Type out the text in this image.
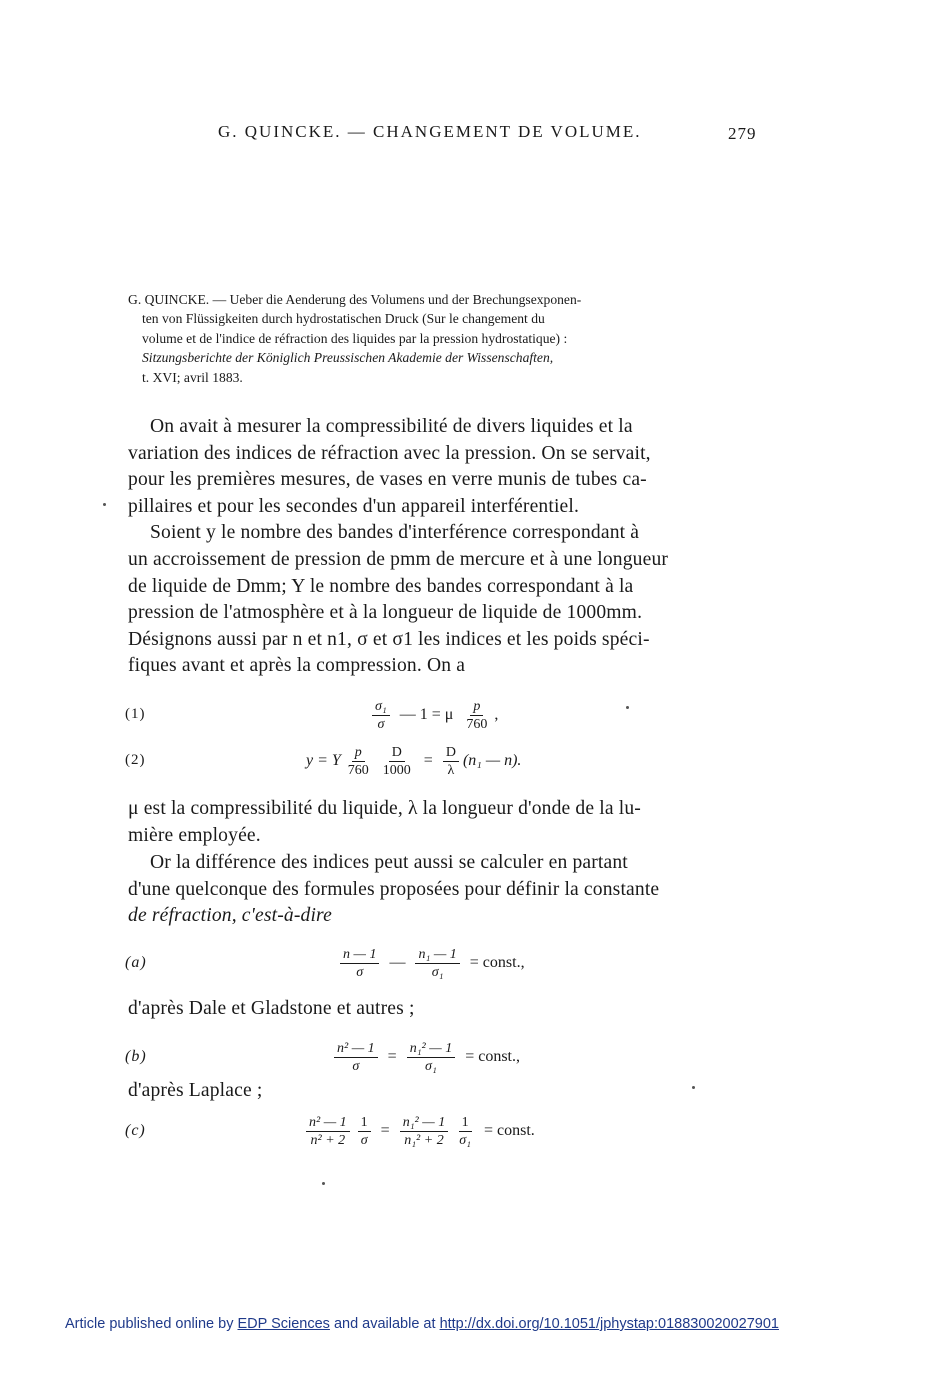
G. QUINCKE. — CHANGEMENT DE VOLUME.	279
G. QUINCKE. — Ueber die Aenderung des Volumens und der Brechungsexponen-
ten von Flüssigkeiten durch hydrostatischen Druck (Sur le changement du
volume et de l'indice de réfraction des liquides par la pression hydrostatique) :
Sitzungsberichte der Königlich Preussischen Akademie der Wissenschaften,
t. XVI; avril 1883.
On avait à mesurer la compressibilité de divers liquides et la
variation des indices de réfraction avec la pression. On se servait,
pour les premières mesures, de vases en verre munis de tubes ca-
pillaires et pour les secondes d'un appareil interférentiel.
Soient y le nombre des bandes d'interférence correspondant à
un accroissement de pression de pmm de mercure et à une longueur
de liquide de Dmm; Y le nombre des bandes correspondant à la
pression de l'atmosphère et à la longueur de liquide de 1000mm.
Désignons aussi par n et n1, σ et σ1 les indices et les poids spéci-
fiques avant et après la compression. On a
(1)	$\frac{\text{σ₁}}{\sigma}$ — 1 = μ $\frac{p}{760}$ ,
(2)	y = Y $\frac{p}{760} \frac{D}{1000} = \frac{D}{\lambda} (n_1$ — n).
μ est la compressibilité du liquide, λ la longueur d'onde de la lu-
mière employée.
Or la différence des indices peut aussi se calculer en partant
d'une quelconque des formules proposées pour définir la constante
de réfraction, c'est-à-dire
(a)	$\frac{n — 1}{\sigma}$ — $\frac{\text{n₁ — 1}}{\text{σ₁}}$ = const.,
d'après Dale et Gladstone et autres ;
(b)	$\frac{\text{n² — 1}}{\sigma} = \frac{\text{n₁² — 1}}{\text{σ₁}}$ = const.,
d'après Laplace ;
(c)	$\frac{\text{n² — 1}}{\text{n² + 2}} \frac{1}{\sigma} = \frac{\text{n₁² — 1}}{\text{n₁² + 2}} \frac{1}{\text{σ₁}}$ = const.
Article published online by EDP Sciences and available at http://dx.doi.org/10.1051/jphystap:018830020027901
